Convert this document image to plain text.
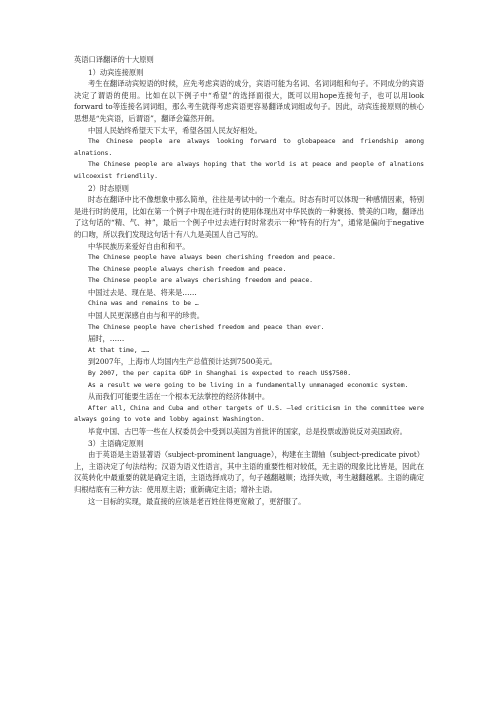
英语口译翻译的十大原则

1）动宾连接原则

考生在翻译动宾短语的时候，应先考虑宾语的成分，宾语可能为名词、名词词组和句子。不同成分的宾语决定了谓语的使用。比如在以下例子中“希望”的选择面很大，既可以用hope连接句子，也可以用look forward to等连接名词词组，那么考生就得考虑宾语更容易翻译成词组或句子。因此，动宾连接原则的核心思想是“先宾语，后谓语”，翻译会篇然开朗。

中国人民始终希望天下太平，希望各国人民友好相处。

The Chinese people are always looking forward to globapeace and friendship among alnations.

The Chinese people are always hoping that the world is at peace and people of alnations wilcoexist friendlily.

2）时态原则

时态在翻译中比不像想象中那么简单，往往是考试中的一个难点。时态有时可以体现一种感情因素，特别是进行时的使用，比如在第一个例子中现在进行时的使用体现出对中华民族的一种褒扬、赞美的口吻，翻译出了这句话的“精、气、神”，最后一个例子中过去进行时时常表示一种“特有的行为”，通常是偏向于negative的口吻，所以我们发现这句话十有八九是美国人自己写的。

中华民族历来爱好自由和和平。

The Chinese people have always been cherishing freedom and peace.

The Chinese people always cherish freedom and peace.

The Chinese people are always cherishing freedom and peace.

中国过去是、现在是、将来是……

China was and remains to be …

中国人民更深感自由与和平的珍贵。

The Chinese people have cherished freedom and peace than ever.

届时，……

At that time, ……

到2007年，上海市人均国内生产总值预计达到7500美元。

By 2007, the per capita GDP in Shanghai is expected to reach US$7500.

As a result we were going to be living in a fundamentally unmanaged economic system.

从而我们可能要生活在一个根本无法掌控的经济体制中。

After all, China and Cuba and other targets of U.S. –led criticism in the committee were always going to vote and lobby against Washington.

毕竟中国、古巴等一些在人权委员会中受到以美国为首批评的国家，总是投票或游说反对美国政府。

3）主语确定原则

由于英语是主语显著语（subject-prominent language），构建在主谓轴（subject-predicate pivot）上，主语决定了句法结构；汉语为语义性语言，其中主语的重要性相对较低，无主语的现象比比皆是，因此在汉英转化中最重要的就是确定主语，主语选择成功了，句子越翻越顺；选择失败，考生越翻越累。主语的确定归根结底有三种方法：使用原主语；重新确定主语；增补主语。

这一目标的实现，最直接的应该是老百姓住得更宽敞了，更舒服了。
